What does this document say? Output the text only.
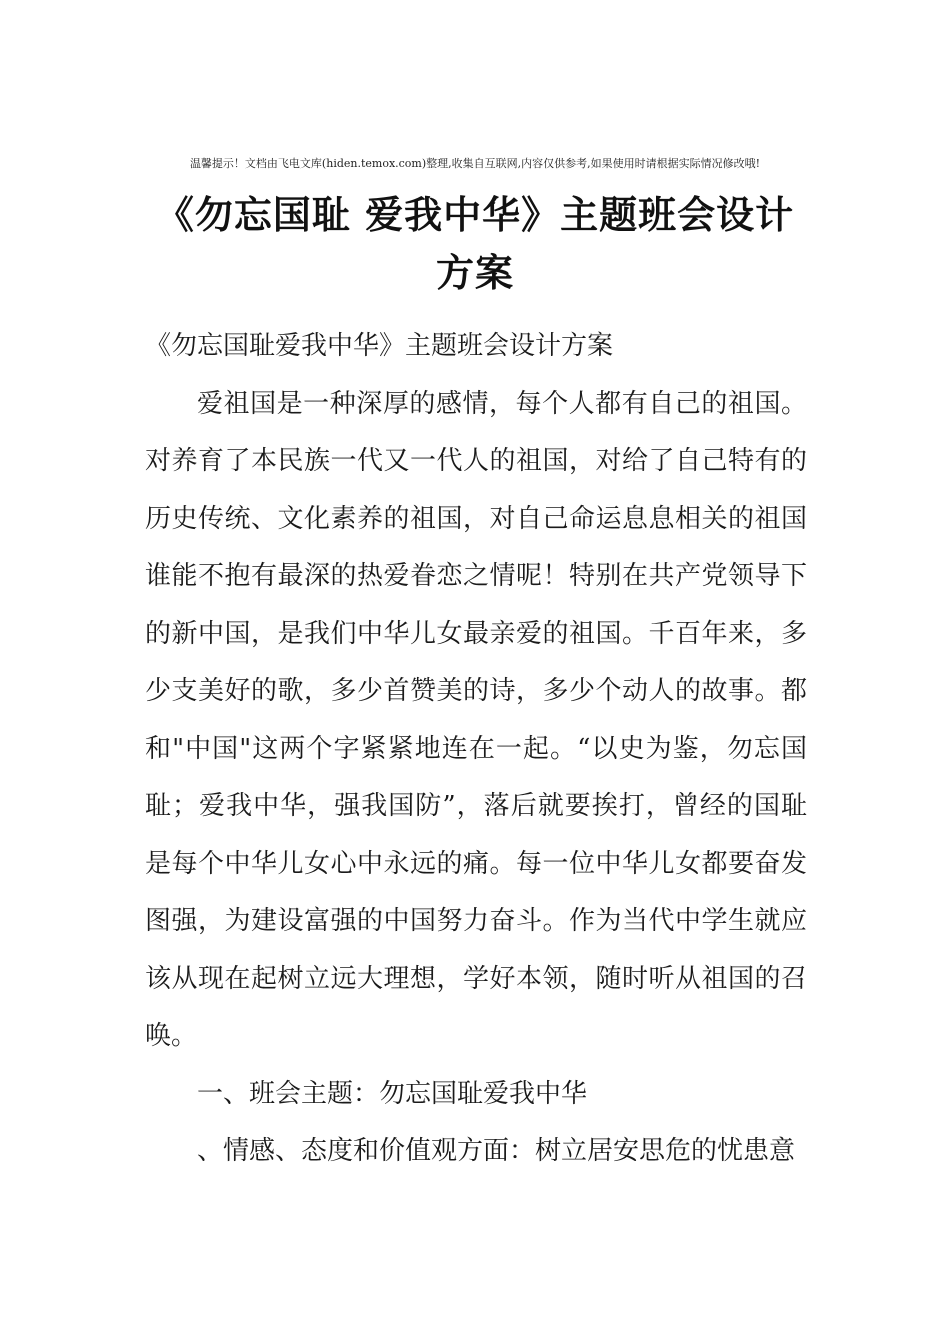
温馨提示！文档由飞电文库(hiden.temox.com)整理,收集自互联网,内容仅供参考,如果使用时请根据实际情况修改哦!
《勿忘国耻 爱我中华》主题班会设计
方案

《勿忘国耻爱我中华》主题班会设计方案

爱祖国是一种深厚的感情，每个人都有自己的祖国。对养育了本民族一代又一代人的祖国，对给了自己特有的历史传统、文化素养的祖国，对自己命运息息相关的祖国谁能不抱有最深的热爱眷恋之情呢！特别在共产党领导下的新中国，是我们中华儿女最亲爱的祖国。千百年来，多少支美好的歌，多少首赞美的诗，多少个动人的故事。都和"中国"这两个字紧紧地连在一起。“以史为鉴，勿忘国耻；爱我中华，强我国防”，落后就要挨打，曾经的国耻是每个中华儿女心中永远的痛。每一位中华儿女都要奋发图强，为建设富强的中国努力奋斗。作为当代中学生就应该从现在起树立远大理想，学好本领，随时听从祖国的召唤。

一、班会主题：勿忘国耻爱我中华

、情感、态度和价值观方面：树立居安思危的忧患意
